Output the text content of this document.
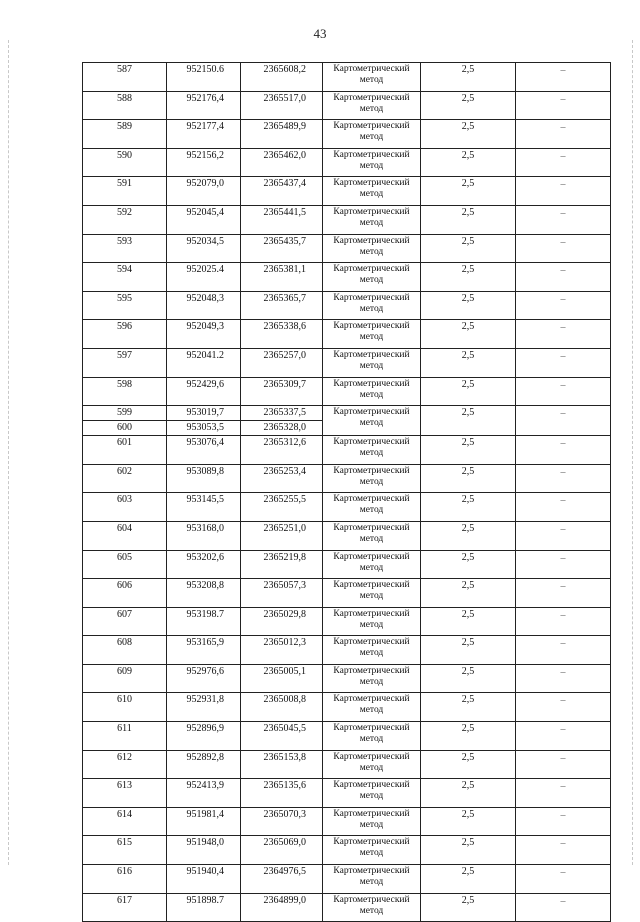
43
587	952150.6	2365608,2	Картометрический метод	2,5	–
588	952176,4	2365517,0	Картометрический метод	2,5	–
589	952177,4	2365489,9	Картометрический метод	2,5	–
590	952156,2	2365462,0	Картометрический метод	2,5	–
591	952079,0	2365437,4	Картометрический метод	2,5	–
592	952045,4	2365441,5	Картометрический метод	2,5	–
593	952034,5	2365435,7	Картометрический метод	2,5	–
594	952025.4	2365381,1	Картометрический метод	2,5	–
595	952048,3	2365365,7	Картометрический метод	2,5	–
596	952049,3	2365338,6	Картометрический метод	2,5	–
597	952041.2	2365257,0	Картометрический метод	2,5	–
598	952429,6	2365309,7	Картометрический метод	2,5	–
599	953019,7	2365337,5	Картометрический метод	2,5	–
600	953053,5	2365328,0			
601	953076,4	2365312,6	Картометрический метод	2,5	–
602	953089,8	2365253,4	Картометрический метод	2,5	–
603	953145,5	2365255,5	Картометрический метод	2,5	–
604	953168,0	2365251,0	Картометрический метод	2,5	–
605	953202,6	2365219,8	Картометрический метод	2,5	–
606	953208,8	2365057,3	Картометрический метод	2,5	–
607	953198.7	2365029,8	Картометрический метод	2,5	–
608	953165,9	2365012,3	Картометрический метод	2,5	–
609	952976,6	2365005,1	Картометрический метод	2,5	–
610	952931,8	2365008,8	Картометрический метод	2,5	–
611	952896,9	2365045,5	Картометрический метод	2,5	–
612	952892,8	2365153,8	Картометрический метод	2,5	–
613	952413,9	2365135,6	Картометрический метод	2,5	–
614	951981,4	2365070,3	Картометрический метод	2,5	–
615	951948,0	2365069,0	Картометрический метод	2,5	–
616	951940,4	2364976,5	Картометрический метод	2,5	–
617	951898.7	2364899,0	Картометрический метод	2,5	–
